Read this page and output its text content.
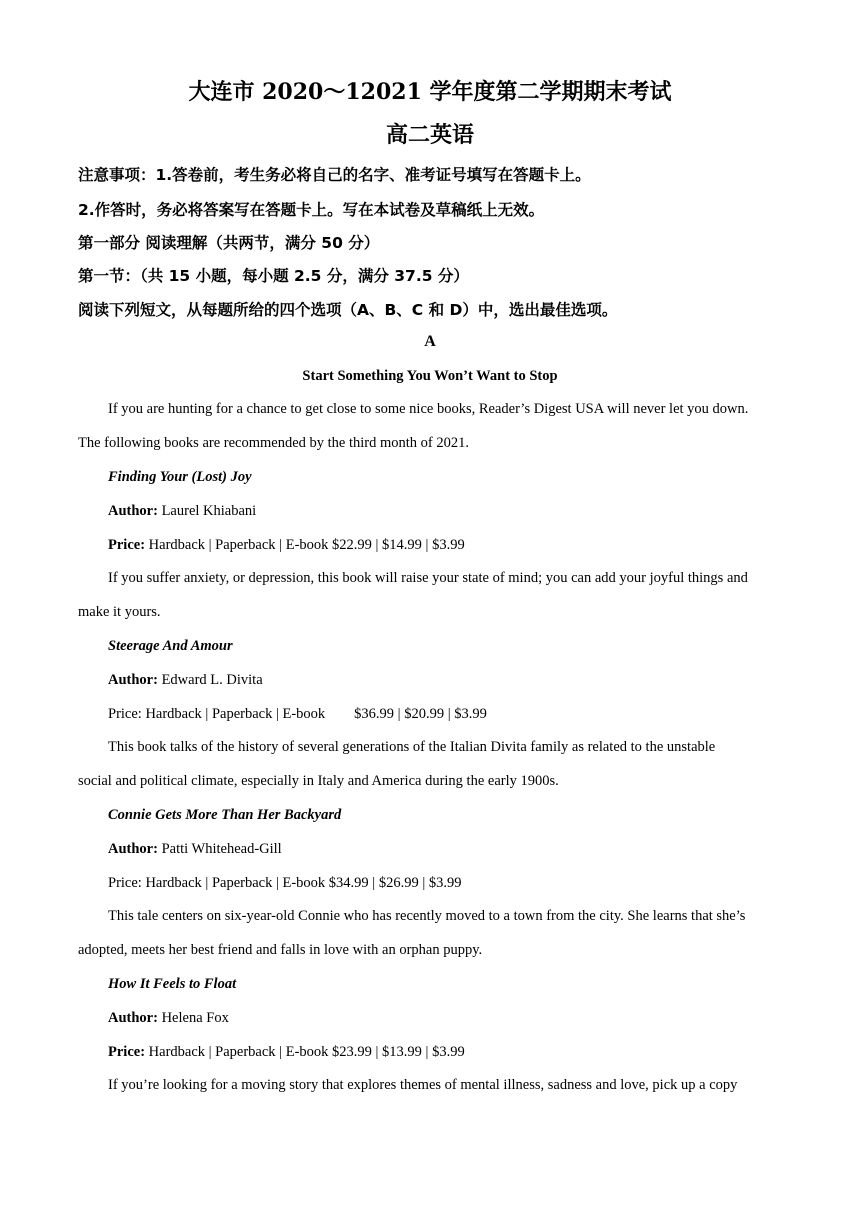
大连市 2020～12021 学年度第二学期期末考试
高二英语
注意事项：1.答卷前，考生务必将自己的名字、准考证号填写在答题卡上。
2.作答时，务必将答案写在答题卡上。写在本试卷及草稿纸上无效。
第一部分 阅读理解（共两节，满分 50 分）
第一节：（共 15 小题，每小题 2.5 分，满分 37.5 分）
阅读下列短文，从每题所给的四个选项（A、B、C 和 D）中，选出最佳选项。
A
Start Something You Won’t Want to Stop
If you are hunting for a chance to get close to some nice books, Reader’s Digest USA will never let you down.
The following books are recommended by the third month of 2021.
Finding Your (Lost) Joy
Author: Laurel Khiabani
Price: Hardback | Paperback | E-book $22.99 | $14.99 | $3.99
If you suffer anxiety, or depression, this book will raise your state of mind; you can add your joyful things and
make it yours.
Steerage And Amour
Author: Edward L. Divita
Price: Hardback | Paperback | E-book        $36.99 | $20.99 | $3.99
This book talks of the history of several generations of the Italian Divita family as related to the unstable
social and political climate, especially in Italy and America during the early 1900s.
Connie Gets More Than Her Backyard
Author: Patti Whitehead-Gill
Price: Hardback | Paperback | E-book $34.99 | $26.99 | $3.99
This tale centers on six-year-old Connie who has recently moved to a town from the city. She learns that she’s
adopted, meets her best friend and falls in love with an orphan puppy.
How It Feels to Float
Author: Helena Fox
Price: Hardback | Paperback | E-book $23.99 | $13.99 | $3.99
If you’re looking for a moving story that explores themes of mental illness, sadness and love, pick up a copy
